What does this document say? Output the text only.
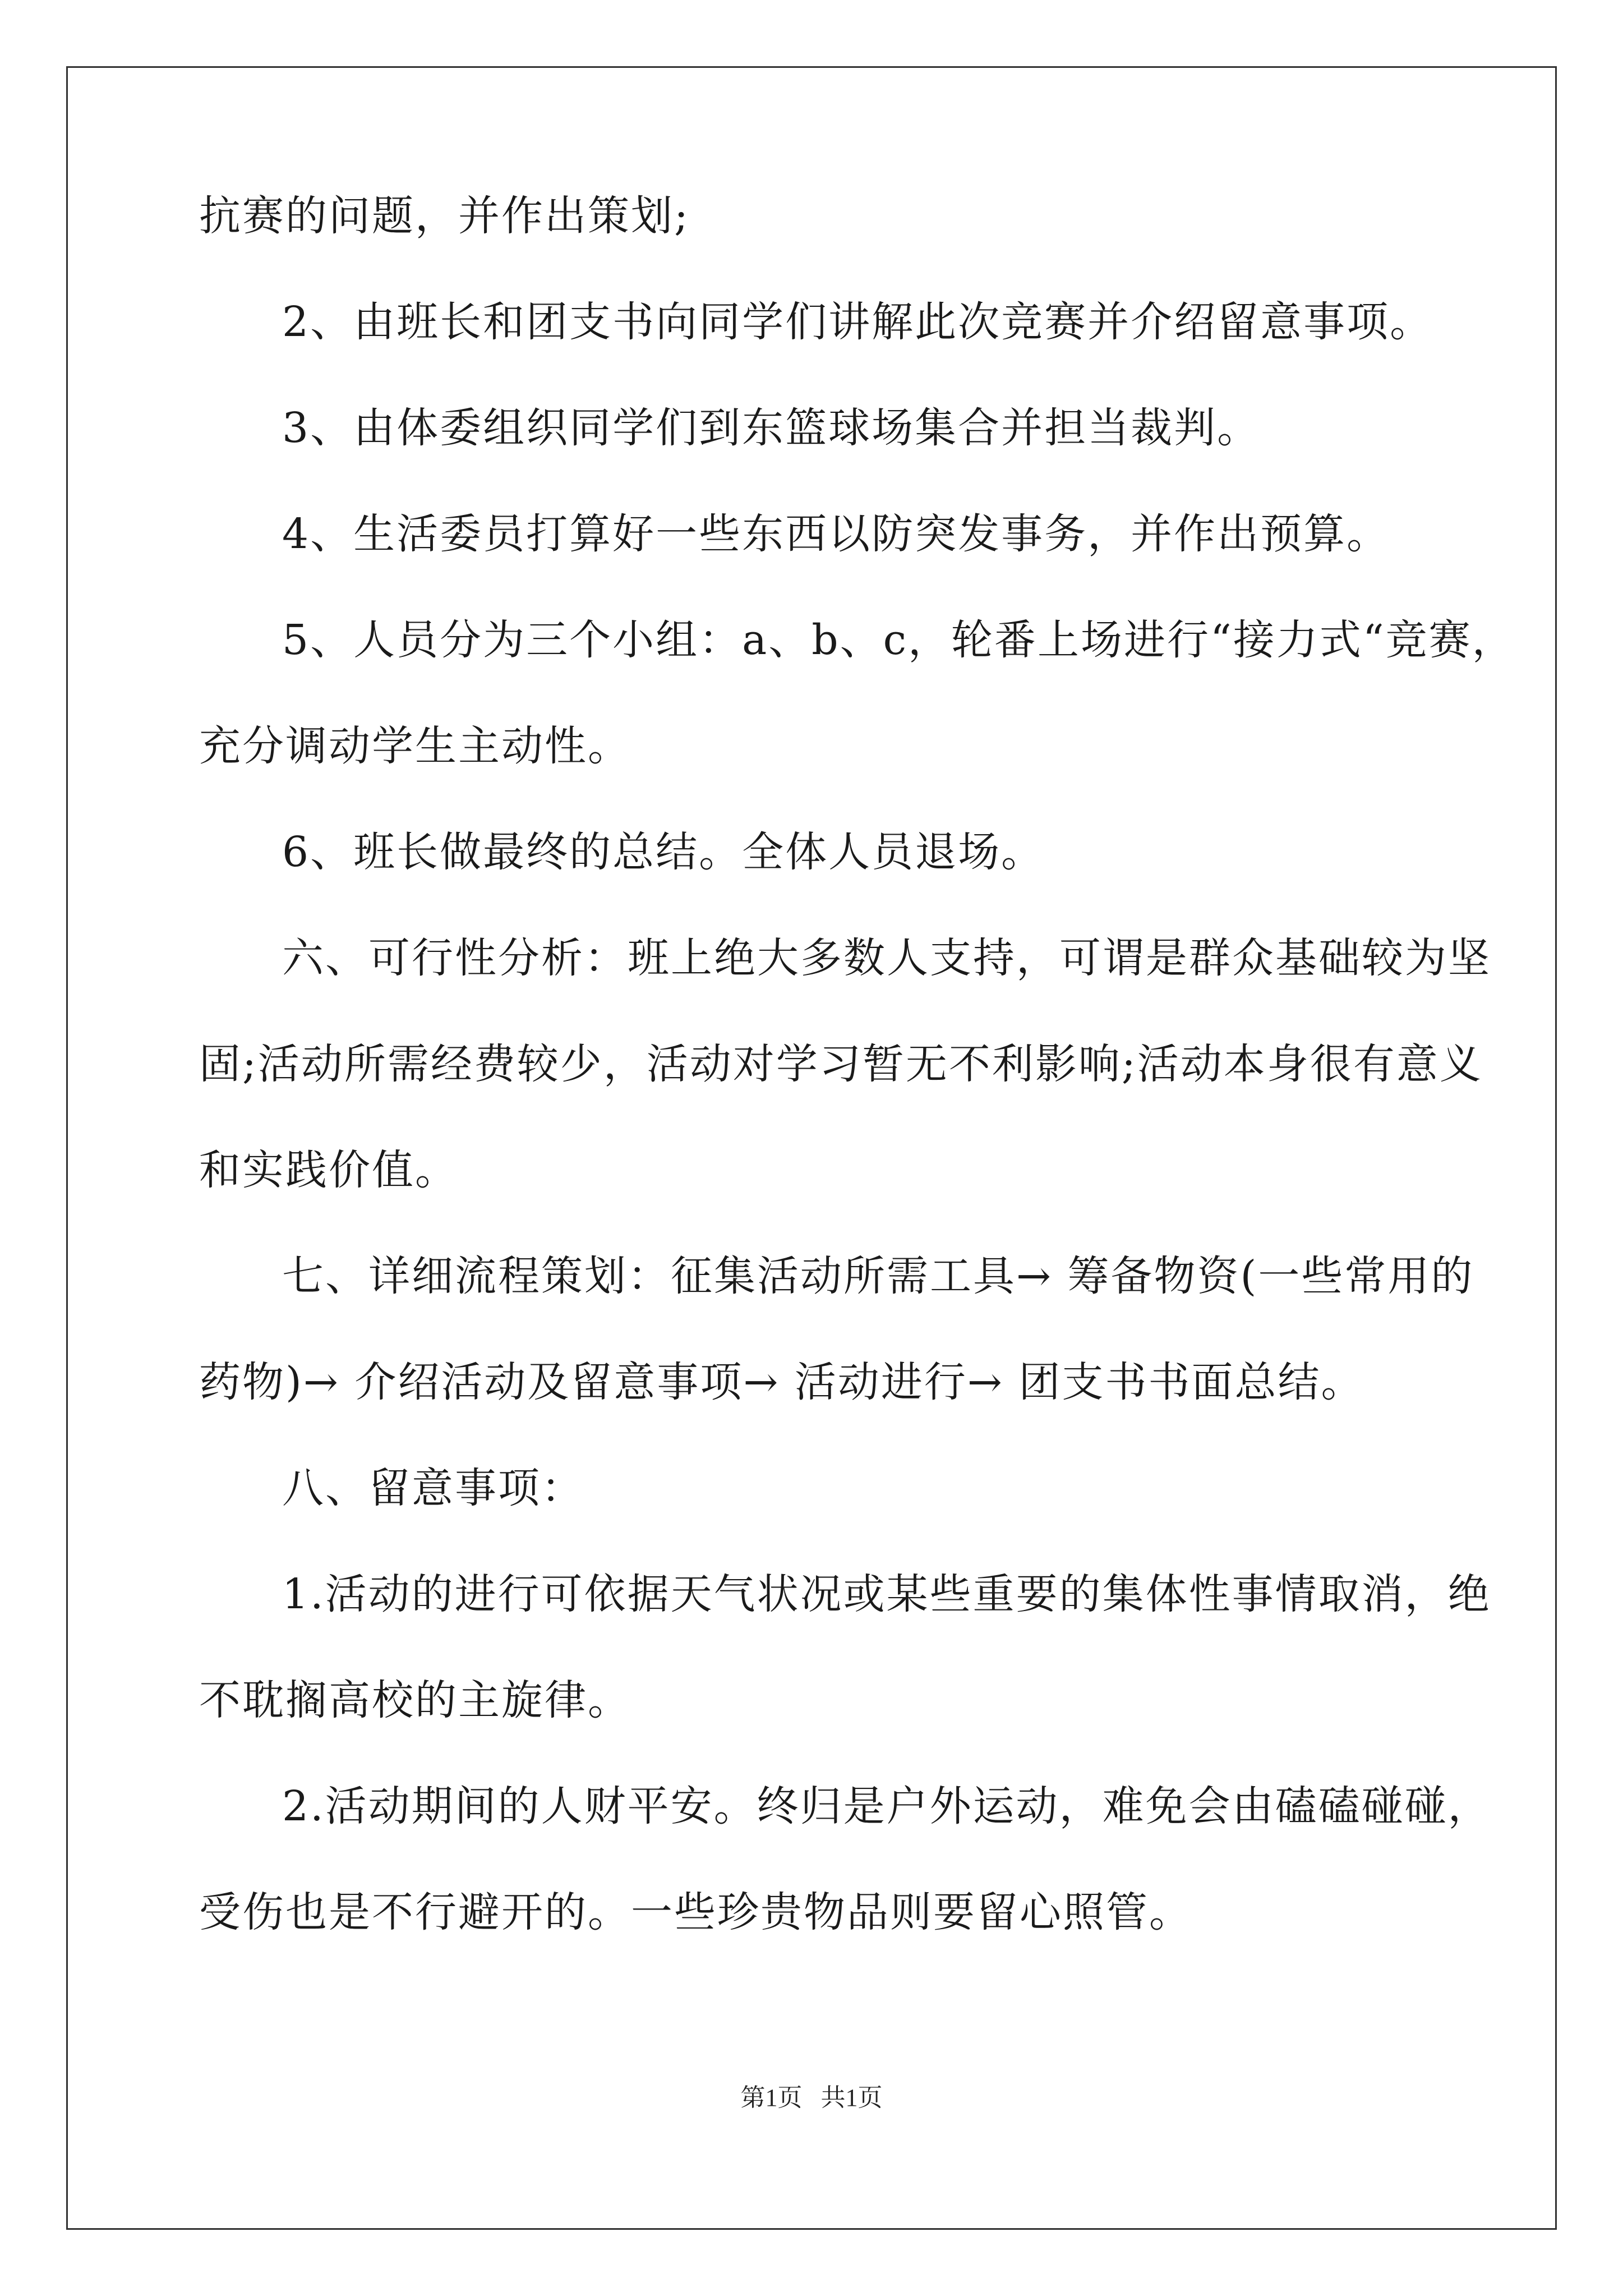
抗赛的问题，并作出策划;
2、由班长和团支书向同学们讲解此次竞赛并介绍留意事项。
3、由体委组织同学们到东篮球场集合并担当裁判。
4、生活委员打算好一些东西以防突发事务，并作出预算。
5、人员分为三个小组：a、b、c，轮番上场进行“接力式“竞赛，
充分调动学生主动性。
6、班长做最终的总结。全体人员退场。
六、可行性分析：班上绝大多数人支持，可谓是群众基础较为坚
固;活动所需经费较少，活动对学习暂无不利影响;活动本身很有意义
和实践价值。
七、详细流程策划：征集活动所需工具→ 筹备物资(一些常用的
药物)→ 介绍活动及留意事项→ 活动进行→ 团支书书面总结。
八、留意事项：
1.活动的进行可依据天气状况或某些重要的集体性事情取消，绝
不耽搁高校的主旋律。
2.活动期间的人财平安。终归是户外运动，难免会由磕磕碰碰，
受伤也是不行避开的。一些珍贵物品则要留心照管。
第1页   共1页
